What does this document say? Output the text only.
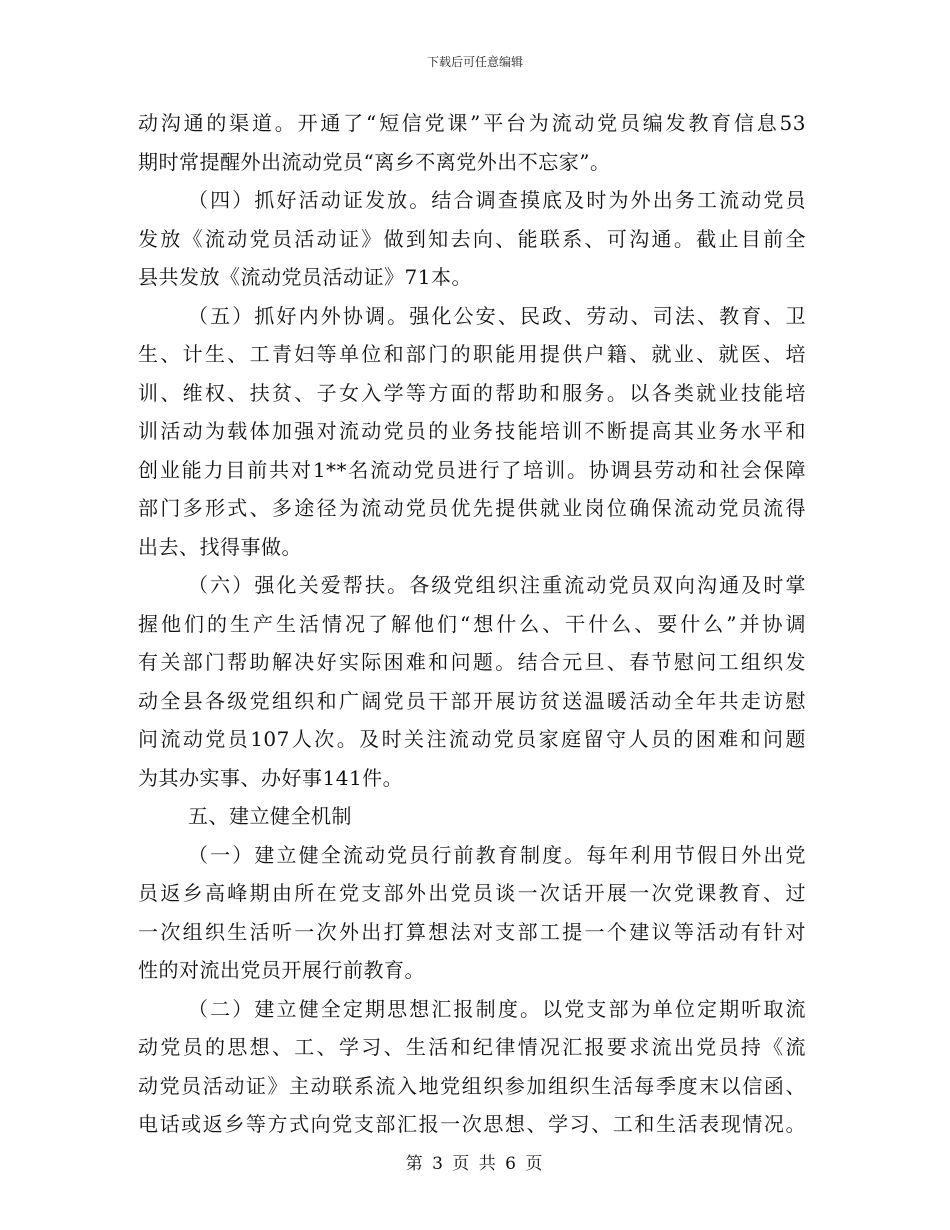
下载后可任意编辑
动沟通的渠道。开通了“短信党课”平台为流动党员编发教育信息53
期时常提醒外出流动党员“离乡不离党外出不忘家”。
（四）抓好活动证发放。结合调查摸底及时为外出务工流动党员
发放《流动党员活动证》做到知去向、能联系、可沟通。截止目前全
县共发放《流动党员活动证》71本。
（五）抓好内外协调。强化公安、民政、劳动、司法、教育、卫
生、计生、工青妇等单位和部门的职能用提供户籍、就业、就医、培
训、维权、扶贫、子女入学等方面的帮助和服务。以各类就业技能培
训活动为载体加强对流动党员的业务技能培训不断提高其业务水平和
创业能力目前共对1**名流动党员进行了培训。协调县劳动和社会保障
部门多形式、多途径为流动党员优先提供就业岗位确保流动党员流得
出去、找得事做。
（六）强化关爱帮扶。各级党组织注重流动党员双向沟通及时掌
握他们的生产生活情况了解他们“想什么、干什么、要什么”并协调
有关部门帮助解决好实际困难和问题。结合元旦、春节慰问工组织发
动全县各级党组织和广阔党员干部开展访贫送温暖活动全年共走访慰
问流动党员107人次。及时关注流动党员家庭留守人员的困难和问题
为其办实事、办好事141件。
五、建立健全机制
（一）建立健全流动党员行前教育制度。每年利用节假日外出党
员返乡高峰期由所在党支部外出党员谈一次话开展一次党课教育、过
一次组织生活听一次外出打算想法对支部工提一个建议等活动有针对
性的对流出党员开展行前教育。
（二）建立健全定期思想汇报制度。以党支部为单位定期听取流
动党员的思想、工、学习、生活和纪律情况汇报要求流出党员持《流
动党员活动证》主动联系流入地党组织参加组织生活每季度末以信函、
电话或返乡等方式向党支部汇报一次思想、学习、工和生活表现情况。
第 3 页 共 6 页
